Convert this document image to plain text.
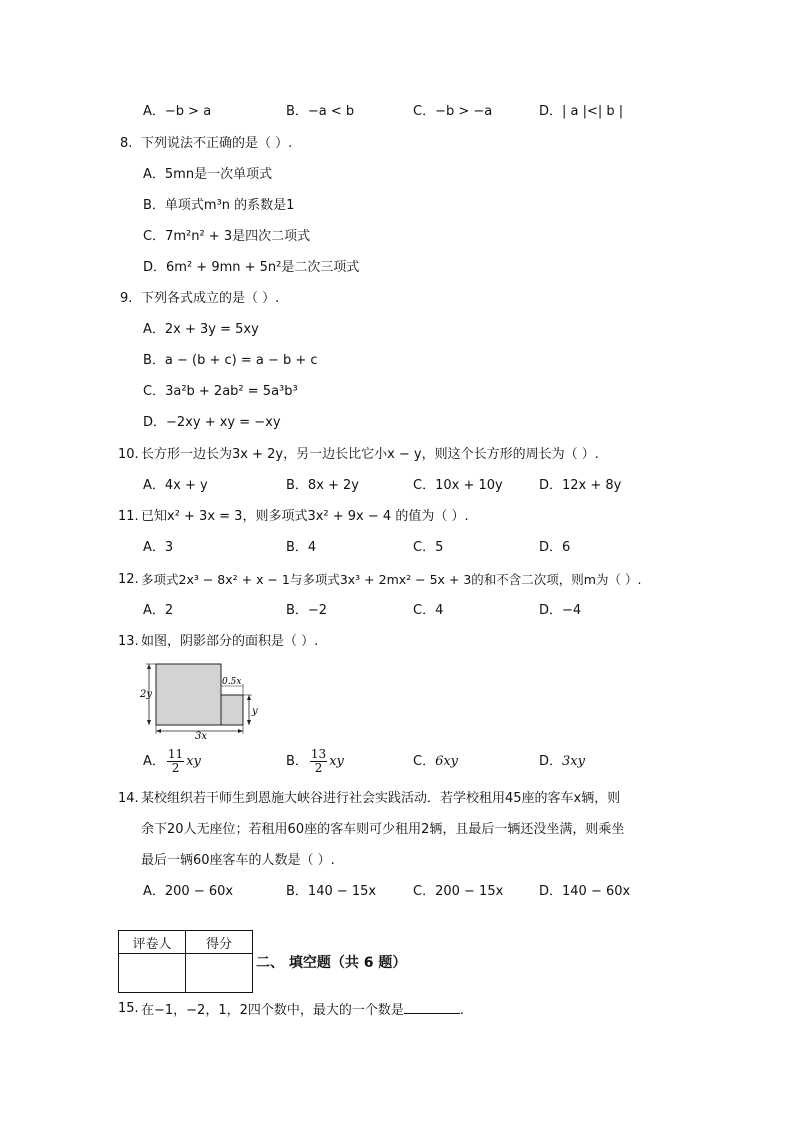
A．−b > a	B．−a < b	C．−b > −a	D．| a |<| b |
8. 下列说法不正确的是（ ）.
A．5mn是一次单项式
B．单项式m³n 的系数是1
C．7m²n² + 3是四次二项式
D．6m² + 9mn + 5n²是二次三项式
9. 下列各式成立的是（ ）.
A．2x + 3y = 5xy
B．a − (b + c) = a − b + c
C．3a²b + 2ab² = 5a³b³
D．−2xy + xy = −xy
10. 长方形一边长为3x + 2y，另一边长比它小x − y，则这个长方形的周长为（ ）.
A．4x + y	B．8x + 2y	C．10x + 10y	D．12x + 8y
11. 已知x² + 3x = 3，则多项式3x² + 9x − 4 的值为（ ）.
A．3	B．4	C．5	D．6
12. 多项式2x³ − 8x² + x − 1与多项式3x³ + 2mx² − 5x + 3的和不含二次项，则m为（ ）.
A．2	B．−2	C．4	D．−4
13. 如图，阴影部分的面积是（ ）.
2y
0.5x
y
3x
A． $\frac{11}{2}$ xy	B． $\frac{13}{2}$ xy	C．6xy	D．3xy
14. 某校组织若干师生到恩施大峡谷进行社会实践活动．若学校租用45座的客车x辆，则
余下20人无座位；若租用60座的客车则可少租用2辆，且最后一辆还没坐满，则乘坐
最后一辆60座客车的人数是（ ）.
A．200 − 60x	B．140 − 15x	C．200 − 15x	D．140 − 60x
评卷人	得分

二、 填空题（共 6 题）
15. 在−1，−2，1，2四个数中，最大的一个数是	.
